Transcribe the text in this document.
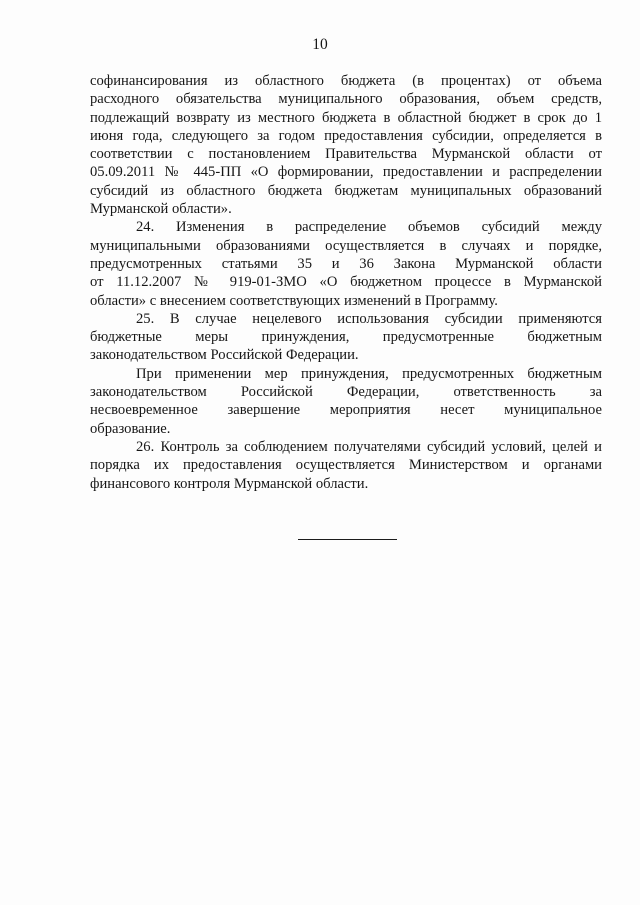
10
софинансирования из областного бюджета (в процентах) от объема
расходного обязательства муниципального образования, объем средств,
подлежащий возврату из местного бюджета в областной бюджет в срок до 1
июня года, следующего за годом предоставления субсидии, определяется в
соответствии с постановлением Правительства Мурманской области от
05.09.2011 № 445-ПП «О формировании, предоставлении и распределении
субсидий из областного бюджета бюджетам муниципальных образований
Мурманской области».
24. Изменения в распределение объемов субсидий между
муниципальными образованиями осуществляется в случаях и порядке,
предусмотренных статьями 35 и 36 Закона Мурманской области
от 11.12.2007 № 919-01-ЗМО «О бюджетном процессе в Мурманской
области» с внесением соответствующих изменений в Программу.
25. В случае нецелевого использования субсидии применяются
бюджетные меры принуждения, предусмотренные бюджетным
законодательством Российской Федерации.
При применении мер принуждения, предусмотренных бюджетным
законодательством Российской Федерации, ответственность за
несвоевременное завершение мероприятия несет муниципальное
образование.
26. Контроль за соблюдением получателями субсидий условий, целей и
порядка их предоставления осуществляется Министерством и органами
финансового контроля Мурманской области.
